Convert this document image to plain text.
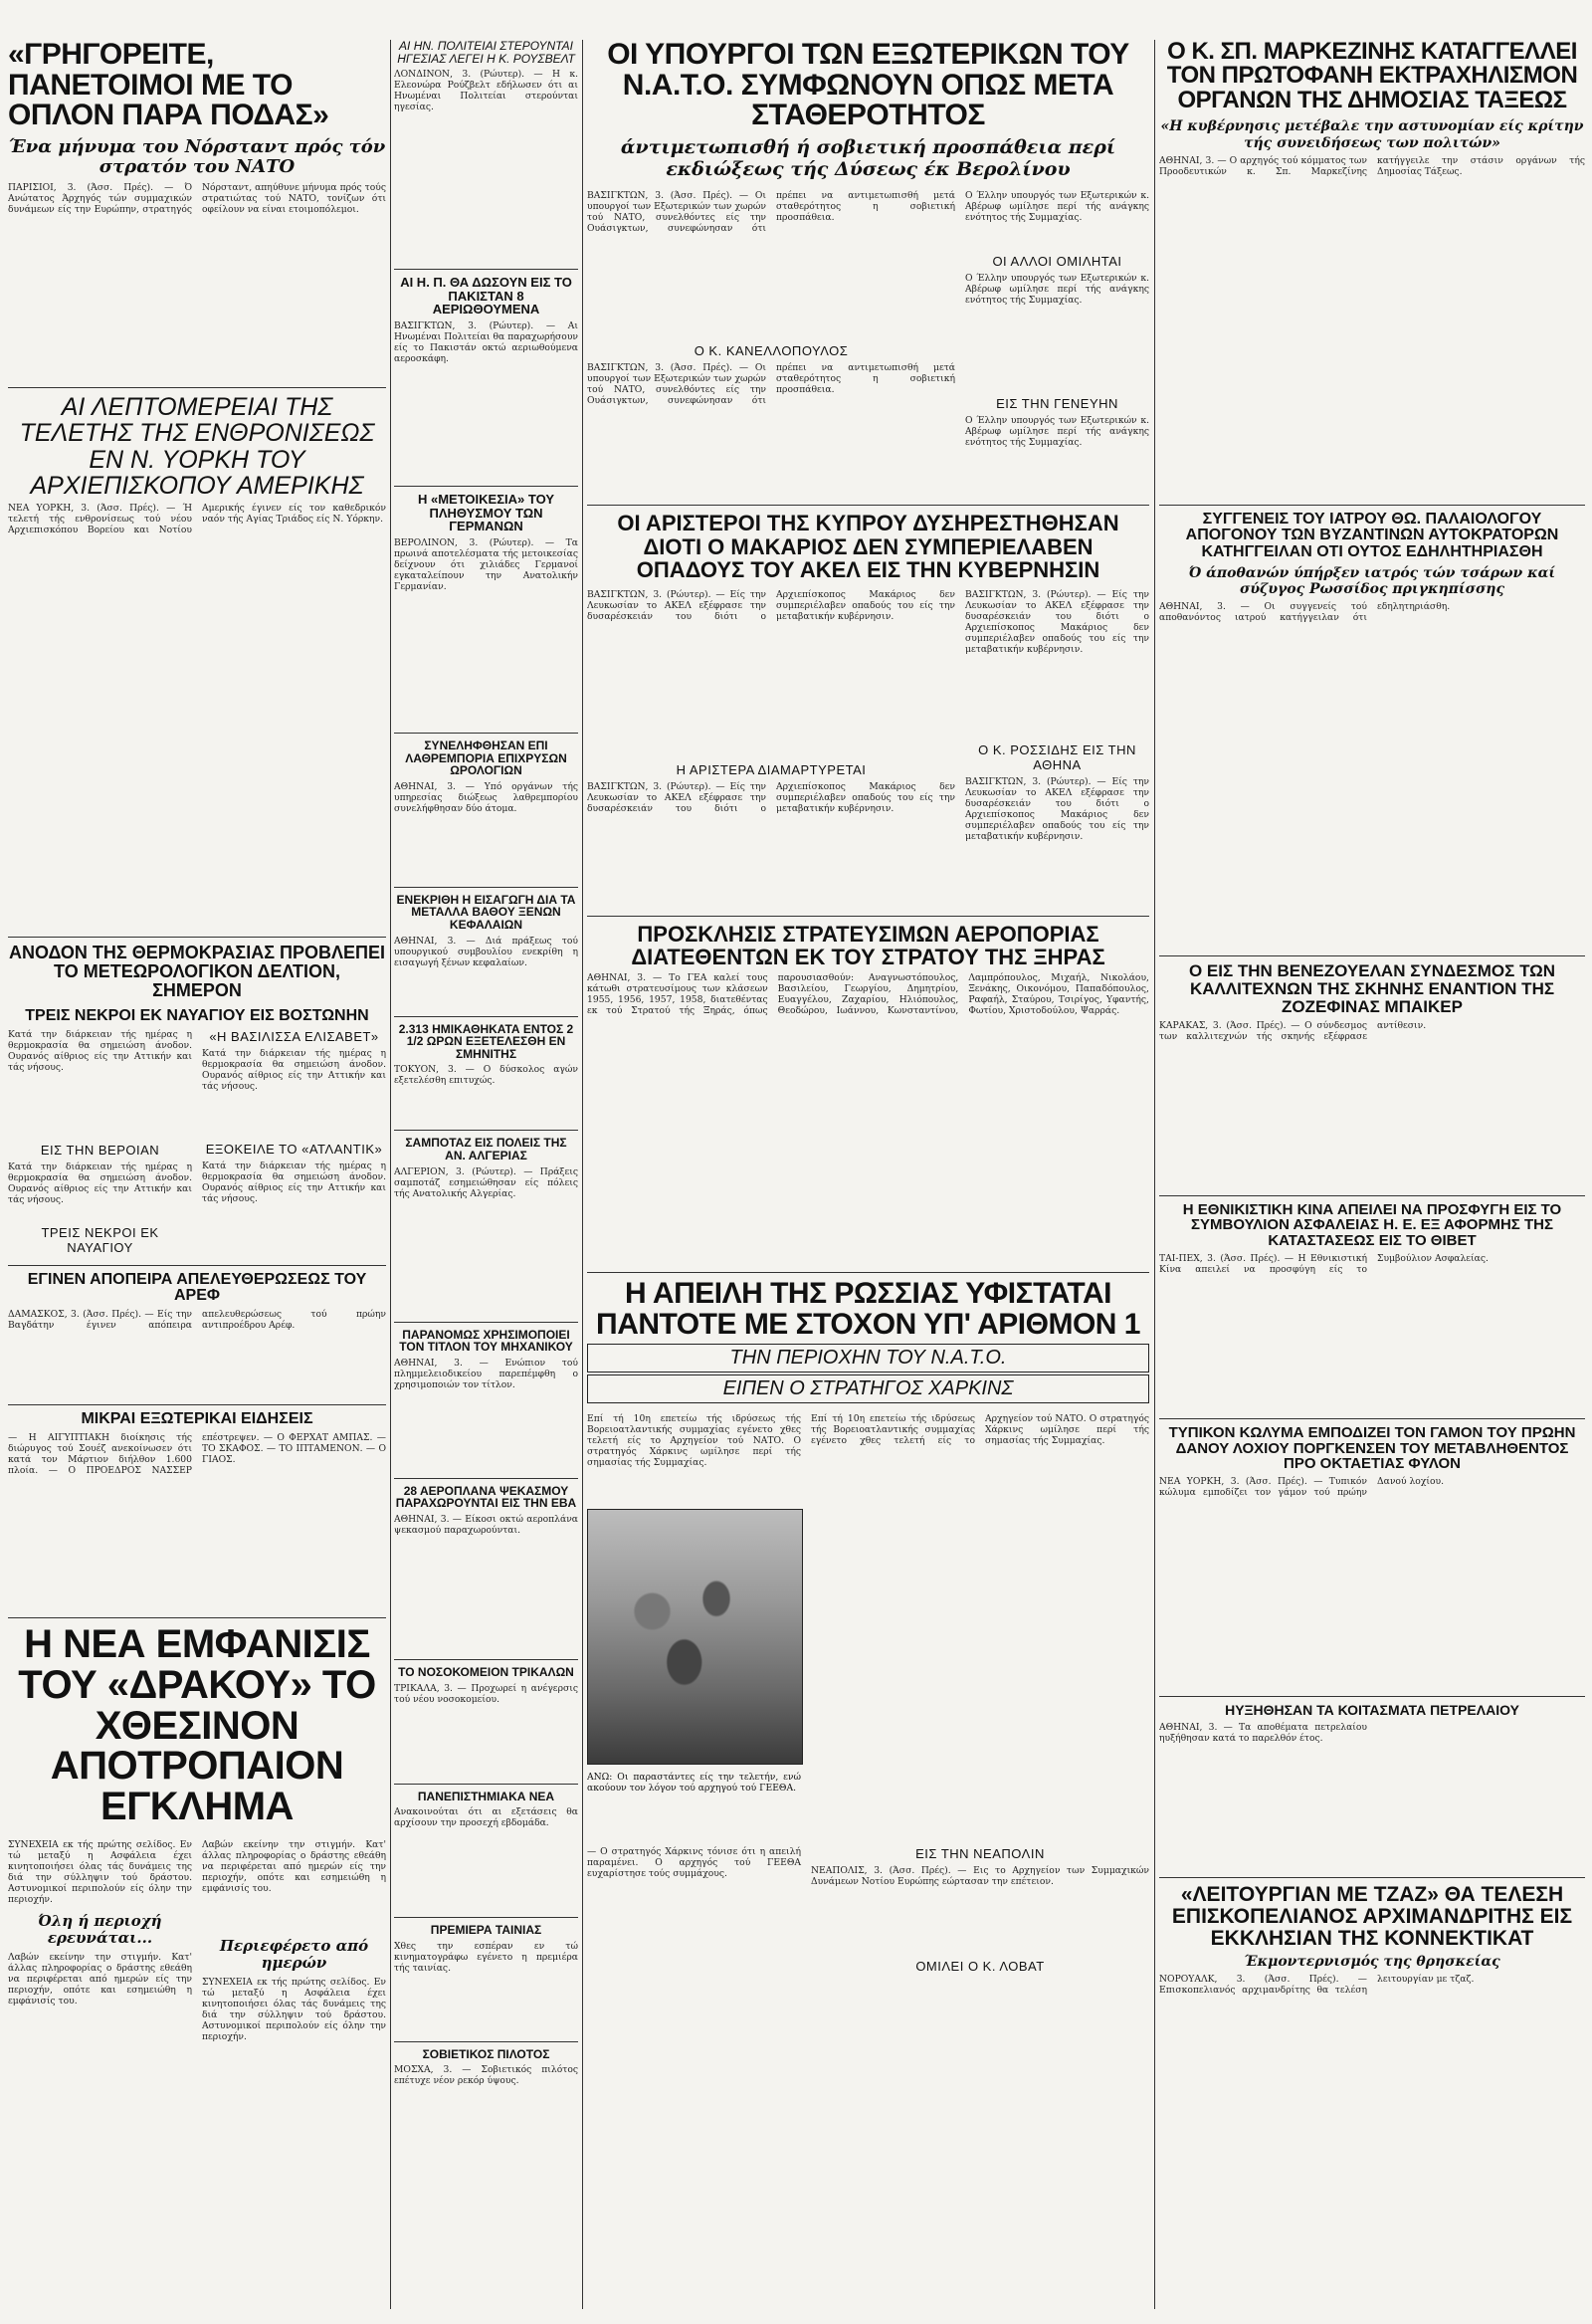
«ΓΡΗΓΟΡΕΙΤΕ, ΠΑΝΕΤΟΙΜΟΙ ΜΕ ΤΟ ΟΠΛΟΝ ΠΑΡΑ ΠΟΔΑΣ»

Ένα μήνυμα του Νόρσταντ πρός τόν στρατόν του ΝΑΤΟ

ΠΑΡΙΣΙΟΙ, 3. (Άσσ. Πρές). — Ό Ανώτατος Άρχηγός τών συμμαχικών δυνάμεων είς την Ευρώπην, στρατηγός Νόρσταντ, απηύθυνε μήνυμα πρός τούς στρατιώτας τού ΝΑΤΟ, τονίζων ότι οφείλουν να είναι ετοιμοπόλεμοι.
ΑΙ ΛΕΠΤΟΜΕΡΕΙΑΙ ΤΗΣ ΤΕΛΕΤΗΣ ΤΗΣ ΕΝΘΡΟΝΙΣΕΩΣ ΕΝ Ν. ΥΟΡΚΗ ΤΟΥ ΑΡΧΙΕΠΙΣΚΟΠΟΥ ΑΜΕΡΙΚΗΣ
ΝΕΑ ΥΟΡΚΗ, 3. (Άσσ. Πρές). — Ή τελετή τής ενθρονίσεως τού νέου Αρχιεπισκόπου Βορείου και Νοτίου Αμερικής έγινεν είς τον καθεδρικόν ναόν τής Αγίας Τριάδος είς Ν. Υόρκην.
ΑΝΟΔΟΝ ΤΗΣ ΘΕΡΜΟΚΡΑΣΙΑΣ ΠΡΟΒΛΕΠΕΙ ΤΟ ΜΕΤΕΩΡΟΛΟΓΙΚΟΝ ΔΕΛΤΙΟΝ, ΣΗΜΕΡΟΝ
ΤΡΕΙΣ ΝΕΚΡΟΙ ΕΚ ΝΑΥΑΓΙΟΥ ΕΙΣ ΒΟΣΤΩΝΗΝ
Κατά την διάρκειαν τής ημέρας η θερμοκρασία θα σημειώση άνοδον. Ουρανός αίθριος είς την Αττικήν και τάς νήσους.

ΕΙΣ ΤΗΝ ΒΕΡΟΙΑΝ

Κατά την διάρκειαν τής ημέρας η θερμοκρασία θα σημειώση άνοδον. Ουρανός αίθριος είς την Αττικήν και τάς νήσους.

ΤΡΕΙΣ ΝΕΚΡΟΙ ΕΚ ΝΑΥΑΓΙΟΥ

«Η ΒΑΣΙΛΙΣΣΑ ΕΛΙΣΑΒΕΤ»

Κατά την διάρκειαν τής ημέρας η θερμοκρασία θα σημειώση άνοδον. Ουρανός αίθριος είς την Αττικήν και τάς νήσους.

ΕΞΟΚΕΙΛΕ ΤΟ «ΑΤΛΑΝΤΙΚ»

Κατά την διάρκειαν τής ημέρας η θερμοκρασία θα σημειώση άνοδον. Ουρανός αίθριος είς την Αττικήν και τάς νήσους.
ΕΓΙΝΕΝ ΑΠΟΠΕΙΡΑ ΑΠΕΛΕΥΘΕΡΩΣΕΩΣ ΤΟΥ ΑΡΕΦ
ΔΑΜΑΣΚΟΣ, 3. (Άσσ. Πρές). — Είς την Βαγδάτην έγινεν απόπειρα απελευθερώσεως τού πρώην αντιπροέδρου Αρέφ.
ΜΙΚΡΑΙ ΕΞΩΤΕΡΙΚΑΙ ΕΙΔΗΣΕΙΣ
— Η ΑΙΓΥΠΤΙΑΚΗ διοίκησις τής διώρυγος τού Σουέζ ανεκοίνωσεν ότι κατά τον Μάρτιον διήλθον 1.600 πλοία. — Ο ΠΡΟΕΔΡΟΣ ΝΑΣΣΕΡ επέστρεψεν. — Ο ΦΕΡΧΑΤ ΑΜΠΑΣ. — ΤΟ ΣΚΑΦΟΣ. — ΤΟ ΙΠΤΑΜΕΝΟΝ. — Ο ΓΙΑΟΣ.
Η ΝΕΑ ΕΜΦΑΝΙΣΙΣ ΤΟΥ «ΔΡΑΚΟΥ» ΤΟ ΧΘΕΣΙΝΟΝ ΑΠΟΤΡΟΠΑΙΟΝ ΕΓΚΛΗΜΑ
ΣΥΝΕΧΕΙΑ εκ τής πρώτης σελίδος. Εν τώ μεταξύ η Ασφάλεια έχει κινητοποιήσει όλας τάς δυνάμεις της διά την σύλληψιν τού δράστου. Αστυνομικοί περιπολούν είς όλην την περιοχήν.

Όλη ή περιοχή ερευνάται...

Λαβών εκείνην την στιγμήν. Κατ' άλλας πληροφορίας ο δράστης εθεάθη να περιφέρεται από ημερών είς την περιοχήν, οπότε και εσημειώθη η εμφάνισίς του.
Λαβών εκείνην την στιγμήν. Κατ' άλλας πληροφορίας ο δράστης εθεάθη να περιφέρεται από ημερών είς την περιοχήν, οπότε και εσημειώθη η εμφάνισίς του.

Περιεφέρετο από ημερών

ΣΥΝΕΧΕΙΑ εκ τής πρώτης σελίδος. Εν τώ μεταξύ η Ασφάλεια έχει κινητοποιήσει όλας τάς δυνάμεις της διά την σύλληψιν τού δράστου. Αστυνομικοί περιπολούν είς όλην την περιοχήν.
ΑΙ ΗΝ. ΠΟΛΙΤΕΙΑΙ ΣΤΕΡΟΥΝΤΑΙ ΗΓΕΣΙΑΣ ΛΕΓΕΙ Η Κ. ΡΟΥΣΒΕΛΤ
ΛΟΝΔΙΝΟΝ, 3. (Ρώυτερ). — Η κ. Ελεονώρα Ρούζβελτ εδήλωσεν ότι αι Ηνωμέναι Πολιτείαι στερούνται ηγεσίας.
ΑΙ Η. Π. ΘΑ ΔΩΣΟΥΝ ΕΙΣ ΤΟ ΠΑΚΙΣΤΑΝ 8 ΑΕΡΙΩΘΟΥΜΕΝΑ
ΒΑΣΙΓΚΤΩΝ, 3. (Ρώυτερ). — Αι Ηνωμέναι Πολιτείαι θα παραχωρήσουν είς το Πακιστάν οκτώ αεριωθούμενα αεροσκάφη.
Η «ΜΕΤΟΙΚΕΣΙΑ» ΤΟΥ ΠΛΗΘΥΣΜΟΥ ΤΩΝ ΓΕΡΜΑΝΩΝ
ΒΕΡΟΛΙΝΟΝ, 3. (Ρώυτερ). — Τα πρωινά αποτελέσματα τής μετοικεσίας δείχνουν ότι χιλιάδες Γερμανοί εγκαταλείπουν την Ανατολικήν Γερμανίαν.
ΣΥΝΕΛΗΦΘΗΣΑΝ ΕΠΙ ΛΑΘΡΕΜΠΟΡΙΑ ΕΠΙΧΡΥΣΩΝ ΩΡΟΛΟΓΙΩΝ
ΑΘΗΝΑΙ, 3. — Υπό οργάνων τής υπηρεσίας διώξεως λαθρεμπορίου συνελήφθησαν δύο άτομα.
ΕΝΕΚΡΙΘΗ Η ΕΙΣΑΓΩΓΗ ΔΙΑ ΤΑ ΜΕΤΑΛΛΑ ΒΑΘΟΥ ΞΕΝΩΝ ΚΕΦΑΛΑΙΩΝ
ΑΘΗΝΑΙ, 3. — Διά πράξεως τού υπουργικού συμβουλίου ενεκρίθη η εισαγωγή ξένων κεφαλαίων.
2.313 ΗΜΙΚΑΘΗΚΑΤΑ ΕΝΤΟΣ 2 1/2 ΩΡΩΝ ΕΞΕΤΕΛΕΣΘΗ ΕΝ ΣΜΗΝΙΤΗΣ
ΤΟΚΥΟΝ, 3. — Ο δύσκολος αγών εξετελέσθη επιτυχώς.
ΣΑΜΠΟΤΑΖ ΕΙΣ ΠΟΛΕΙΣ ΤΗΣ ΑΝ. ΑΛΓΕΡΙΑΣ
ΑΛΓΕΡΙΟΝ, 3. (Ρώυτερ). — Πράξεις σαμποτάζ εσημειώθησαν είς πόλεις τής Ανατολικής Αλγερίας.
ΠΑΡΑΝΟΜΩΣ ΧΡΗΣΙΜΟΠΟΙΕΙ ΤΟΝ ΤΙΤΛΟΝ ΤΟΥ ΜΗΧΑΝΙΚΟΥ
ΑΘΗΝΑΙ, 3. — Ενώπιον τού πλημμελειοδικείου παρεπέμφθη ο χρησιμοποιών τον τίτλον.
28 ΑΕΡΟΠΛΑΝΑ ΨΕΚΑΣΜΟΥ ΠΑΡΑΧΩΡΟΥΝΤΑΙ ΕΙΣ ΤΗΝ ΕΒΑ
ΑΘΗΝΑΙ, 3. — Είκοσι οκτώ αεροπλάνα ψεκασμού παραχωρούνται.
ΤΟ ΝΟΣΟΚΟΜΕΙΟΝ ΤΡΙΚΑΛΩΝ
ΤΡΙΚΑΛΑ, 3. — Προχωρεί η ανέγερσις τού νέου νοσοκομείου.
ΠΑΝΕΠΙΣΤΗΜΙΑΚΑ ΝΕΑ
Ανακοινούται ότι αι εξετάσεις θα αρχίσουν την προσεχή εβδομάδα.
ΠΡΕΜΙΕΡΑ ΤΑΙΝΙΑΣ
Χθες την εσπέραν εν τώ κινηματογράφω εγένετο η πρεμιέρα τής ταινίας.
ΣΟΒΙΕΤΙΚΟΣ ΠΙΛΟΤΟΣ
ΜΟΣΧΑ, 3. — Σοβιετικός πιλότος επέτυχε νέον ρεκόρ ύψους.
ΟΙ ΥΠΟΥΡΓΟΙ ΤΩΝ ΕΞΩΤΕΡΙΚΩΝ ΤΟΥ Ν.Α.Τ.Ο. ΣΥΜΦΩΝΟΥΝ ΟΠΩΣ ΜΕΤΑ ΣΤΑΘΕΡΟΤΗΤΟΣ

άντιμετωπισθή ή σοβιετική προσπάθεια περί εκδιώξεως τής Δύσεως έκ Βερολίνου

ΒΑΣΙΓΚΤΩΝ, 3. (Άσσ. Πρές). — Οι υπουργοί των Εξωτερικών των χωρών τού ΝΑΤΟ, συνελθόντες είς την Ουάσιγκτων, συνεφώνησαν ότι πρέπει να αντιμετωπισθή μετά σταθερότητος η σοβιετική προσπάθεια.

Ο Κ. ΚΑΝΕΛΛΟΠΟΥΛΟΣ

ΒΑΣΙΓΚΤΩΝ, 3. (Άσσ. Πρές). — Οι υπουργοί των Εξωτερικών των χωρών τού ΝΑΤΟ, συνελθόντες είς την Ουάσιγκτων, συνεφώνησαν ότι πρέπει να αντιμετωπισθή μετά σταθερότητος η σοβιετική προσπάθεια.
Ο Έλλην υπουργός των Εξωτερικών κ. Αβέρωφ ωμίλησε περί τής ανάγκης ενότητος τής Συμμαχίας.

ΟΙ ΑΛΛΟΙ ΟΜΙΛΗΤΑΙ

Ο Έλλην υπουργός των Εξωτερικών κ. Αβέρωφ ωμίλησε περί τής ανάγκης ενότητος τής Συμμαχίας.

ΕΙΣ ΤΗΝ ΓΕΝΕΥΗΝ

Ο Έλλην υπουργός των Εξωτερικών κ. Αβέρωφ ωμίλησε περί τής ανάγκης ενότητος τής Συμμαχίας.
ΟΙ ΑΡΙΣΤΕΡΟΙ ΤΗΣ ΚΥΠΡΟΥ ΔΥΣΗΡΕΣΤΗΘΗΣΑΝ ΔΙΟΤΙ Ο ΜΑΚΑΡΙΟΣ ΔΕΝ ΣΥΜΠΕΡΙΕΛΑΒΕΝ ΟΠΑΔΟΥΣ ΤΟΥ ΑΚΕΛ ΕΙΣ ΤΗΝ ΚΥΒΕΡΝΗΣΙΝ
ΒΑΣΙΓΚΤΩΝ, 3. (Ρώυτερ). — Είς την Λευκωσίαν το ΑΚΕΛ εξέφρασε την δυσαρέσκειάν του διότι ο Αρχιεπίσκοπος Μακάριος δεν συμπεριέλαβεν οπαδούς του είς την μεταβατικήν κυβέρνησιν.

Η ΑΡΙΣΤΕΡΑ ΔΙΑΜΑΡΤΥΡΕΤΑΙ

ΒΑΣΙΓΚΤΩΝ, 3. (Ρώυτερ). — Είς την Λευκωσίαν το ΑΚΕΛ εξέφρασε την δυσαρέσκειάν του διότι ο Αρχιεπίσκοπος Μακάριος δεν συμπεριέλαβεν οπαδούς του είς την μεταβατικήν κυβέρνησιν.
ΒΑΣΙΓΚΤΩΝ, 3. (Ρώυτερ). — Είς την Λευκωσίαν το ΑΚΕΛ εξέφρασε την δυσαρέσκειάν του διότι ο Αρχιεπίσκοπος Μακάριος δεν συμπεριέλαβεν οπαδούς του είς την μεταβατικήν κυβέρνησιν.

Ο Κ. ΡΟΣΣΙΔΗΣ ΕΙΣ ΤΗΝ ΑΘΗΝΑ

ΒΑΣΙΓΚΤΩΝ, 3. (Ρώυτερ). — Είς την Λευκωσίαν το ΑΚΕΛ εξέφρασε την δυσαρέσκειάν του διότι ο Αρχιεπίσκοπος Μακάριος δεν συμπεριέλαβεν οπαδούς του είς την μεταβατικήν κυβέρνησιν.
ΠΡΟΣΚΛΗΣΙΣ ΣΤΡΑΤΕΥΣΙΜΩΝ ΑΕΡΟΠΟΡΙΑΣ ΔΙΑΤΕΘΕΝΤΩΝ ΕΚ ΤΟΥ ΣΤΡΑΤΟΥ ΤΗΣ ΞΗΡΑΣ
ΑΘΗΝΑΙ, 3. — Το ΓΕΑ καλεί τους κάτωθι στρατευσίμους των κλάσεων 1955, 1956, 1957, 1958, διατεθέντας εκ τού Στρατού τής Ξηράς, όπως παρουσιασθούν: Αναγνωστόπουλος, Βασιλείου, Γεωργίου, Δημητρίου, Ευαγγέλου, Ζαχαρίου, Ηλιόπουλος, Θεοδώρου, Ιωάννου, Κωνσταντίνου, Λαμπρόπουλος, Μιχαήλ, Νικολάου, Ξενάκης, Οικονόμου, Παπαδόπουλος, Ραφαήλ, Σταύρου, Τσιρίγος, Υφαντής, Φωτίου, Χριστοδούλου, Ψαρράς.
Η ΑΠΕΙΛΗ ΤΗΣ ΡΩΣΣΙΑΣ ΥΦΙΣΤΑΤΑΙ ΠΑΝΤΟΤΕ ΜΕ ΣΤΟΧΟΝ ΥΠ' ΑΡΙΘΜΟΝ 1

ΤΗΝ ΠΕΡΙΟΧΗΝ ΤΟΥ Ν.Α.Τ.Ο.

ΕΙΠΕΝ Ο ΣΤΡΑΤΗΓΟΣ ΧΑΡΚΙΝΣ

Επί τή 10η επετείω τής ιδρύσεως τής Βορειοατλαντικής συμμαχίας εγένετο χθες τελετή είς το Αρχηγείον τού ΝΑΤΟ. Ο στρατηγός Χάρκινς ωμίλησε περί τής σημασίας τής Συμμαχίας.

ΑΝΩ: Οι παραστάντες είς την τελετήν, ενώ ακούουν τον λόγον τού αρχηγού τού ΓΕΕΘΑ.

— Ο στρατηγός Χάρκινς τόνισε ότι η απειλή παραμένει. Ο αρχηγός τού ΓΕΕΘΑ ευχαρίστησε τούς συμμάχους.
Επί τή 10η επετείω τής ιδρύσεως τής Βορειοατλαντικής συμμαχίας εγένετο χθες τελετή είς το Αρχηγείον τού ΝΑΤΟ. Ο στρατηγός Χάρκινς ωμίλησε περί τής σημασίας τής Συμμαχίας.

ΕΙΣ ΤΗΝ ΝΕΑΠΟΛΙΝ

ΝΕΑΠΟΛΙΣ, 3. (Άσσ. Πρές). — Εις το Αρχηγείον των Συμμαχικών Δυνάμεων Νοτίου Ευρώπης εώρτασαν την επέτειον.

ΟΜΙΛΕΙ Ο Κ. ΛΟΒΑΤ

Ο Κ. ΣΠ. ΜΑΡΚΕΖΙΝΗΣ ΚΑΤΑΓΓΕΛΛΕΙ ΤΟΝ ΠΡΩΤΟΦΑΝΗ ΕΚΤΡΑΧΗΛΙΣΜΟΝ ΟΡΓΑΝΩΝ ΤΗΣ ΔΗΜΟΣΙΑΣ ΤΑΞΕΩΣ

«Η κυβέρνησις μετέβαλε την αστυνομίαν είς κρίτην τής συνειδήσεως των πολιτών»

ΑΘΗΝΑΙ, 3. — Ο αρχηγός τού κόμματος των Προοδευτικών κ. Σπ. Μαρκεζίνης κατήγγειλε την στάσιν οργάνων τής Δημοσίας Τάξεως.
ΣΥΓΓΕΝΕΙΣ ΤΟΥ ΙΑΤΡΟΥ ΘΩ. ΠΑΛΑΙΟΛΟΓΟΥ ΑΠΟΓΟΝΟΥ ΤΩΝ ΒΥΖΑΝΤΙΝΩΝ ΑΥΤΟΚΡΑΤΟΡΩΝ ΚΑΤΗΓΓΕΙΛΑΝ ΟΤΙ ΟΥΤΟΣ ΕΔΗΛΗΤΗΡΙΑΣΘΗ

Ό άποθανών ύπήρξεν ιατρός τών τσάρων καί σύζυγος Ρωσσίδος πριγκηπίσσης

ΑΘΗΝΑΙ, 3. — Οι συγγενείς τού αποθανόντος ιατρού κατήγγειλαν ότι εδηλητηριάσθη.
Ο ΕΙΣ ΤΗΝ ΒΕΝΕΖΟΥΕΛΑΝ ΣΥΝΔΕΣΜΟΣ ΤΩΝ ΚΑΛΛΙΤΕΧΝΩΝ ΤΗΣ ΣΚΗΝΗΣ ΕΝΑΝΤΙΟΝ ΤΗΣ ΖΟΖΕΦΙΝΑΣ ΜΠΑΙΚΕΡ
ΚΑΡΑΚΑΣ, 3. (Άσσ. Πρές). — Ο σύνδεσμος των καλλιτεχνών τής σκηνής εξέφρασε αντίθεσιν.
Η ΕΘΝΙΚΙΣΤΙΚΗ ΚΙΝΑ ΑΠΕΙΛΕΙ ΝΑ ΠΡΟΣΦΥΓΗ ΕΙΣ ΤΟ ΣΥΜΒΟΥΛΙΟΝ ΑΣΦΑΛΕΙΑΣ Η. Ε. ΕΞ ΑΦΟΡΜΗΣ ΤΗΣ ΚΑΤΑΣΤΑΣΕΩΣ ΕΙΣ ΤΟ ΘΙΒΕΤ
ΤΑΙ-ΠΕΧ, 3. (Άσσ. Πρές). — Η Εθνικιστική Κίνα απειλεί να προσφύγη είς το Συμβούλιον Ασφαλείας.
ΤΥΠΙΚΟΝ ΚΩΛΥΜΑ ΕΜΠΟΔΙΖΕΙ ΤΟΝ ΓΑΜΟΝ ΤΟΥ ΠΡΩΗΝ ΔΑΝΟΥ ΛΟΧΙΟΥ ΠΟΡΓΚΕΝΣΕΝ ΤΟΥ ΜΕΤΑΒΛΗΘΕΝΤΟΣ ΠΡΟ ΟΚΤΑΕΤΙΑΣ ΦΥΛΟΝ
ΝΕΑ ΥΟΡΚΗ, 3. (Άσσ. Πρές). — Τυπικόν κώλυμα εμποδίζει τον γάμον τού πρώην Δανού λοχίου.
ΗΥΞΗΘΗΣΑΝ ΤΑ ΚΟΙΤΑΣΜΑΤΑ ΠΕΤΡΕΛΑΙΟΥ
ΑΘΗΝΑΙ, 3. — Τα αποθέματα πετρελαίου ηυξήθησαν κατά το παρελθόν έτος.
«ΛΕΙΤΟΥΡΓΙΑΝ ΜΕ ΤΖΑΖ» ΘΑ ΤΕΛΕΣΗ ΕΠΙΣΚΟΠΕΛΙΑΝΟΣ ΑΡΧΙΜΑΝΔΡΙΤΗΣ ΕΙΣ ΕΚΚΛΗΣΙΑΝ ΤΗΣ ΚΟΝΝΕΚΤΙΚΑΤ

Έκμοντερνισμός της θρησκείας

ΝΟΡΟΥΑΛΚ, 3. (Άσσ. Πρές). — Επισκοπελιανός αρχιμανδρίτης θα τελέση λειτουργίαν με τζαζ.
